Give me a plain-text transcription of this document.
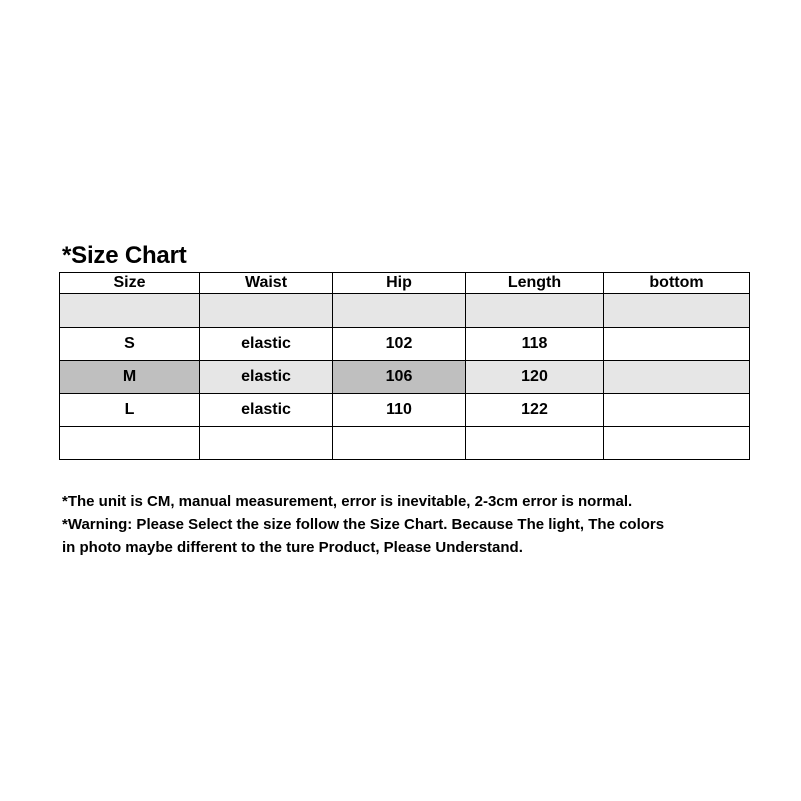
*Size Chart
Size	Waist	Hip	Length	bottom

S	elastic	102	118	
M	elastic	106	120	
L	elastic	110	122	

*The unit is CM, manual measurement, error is inevitable, 2-3cm error is normal.

*Warning: Please Select the size follow the Size Chart. Because The light, The colors

in photo maybe different to the ture Product, Please Understand.
